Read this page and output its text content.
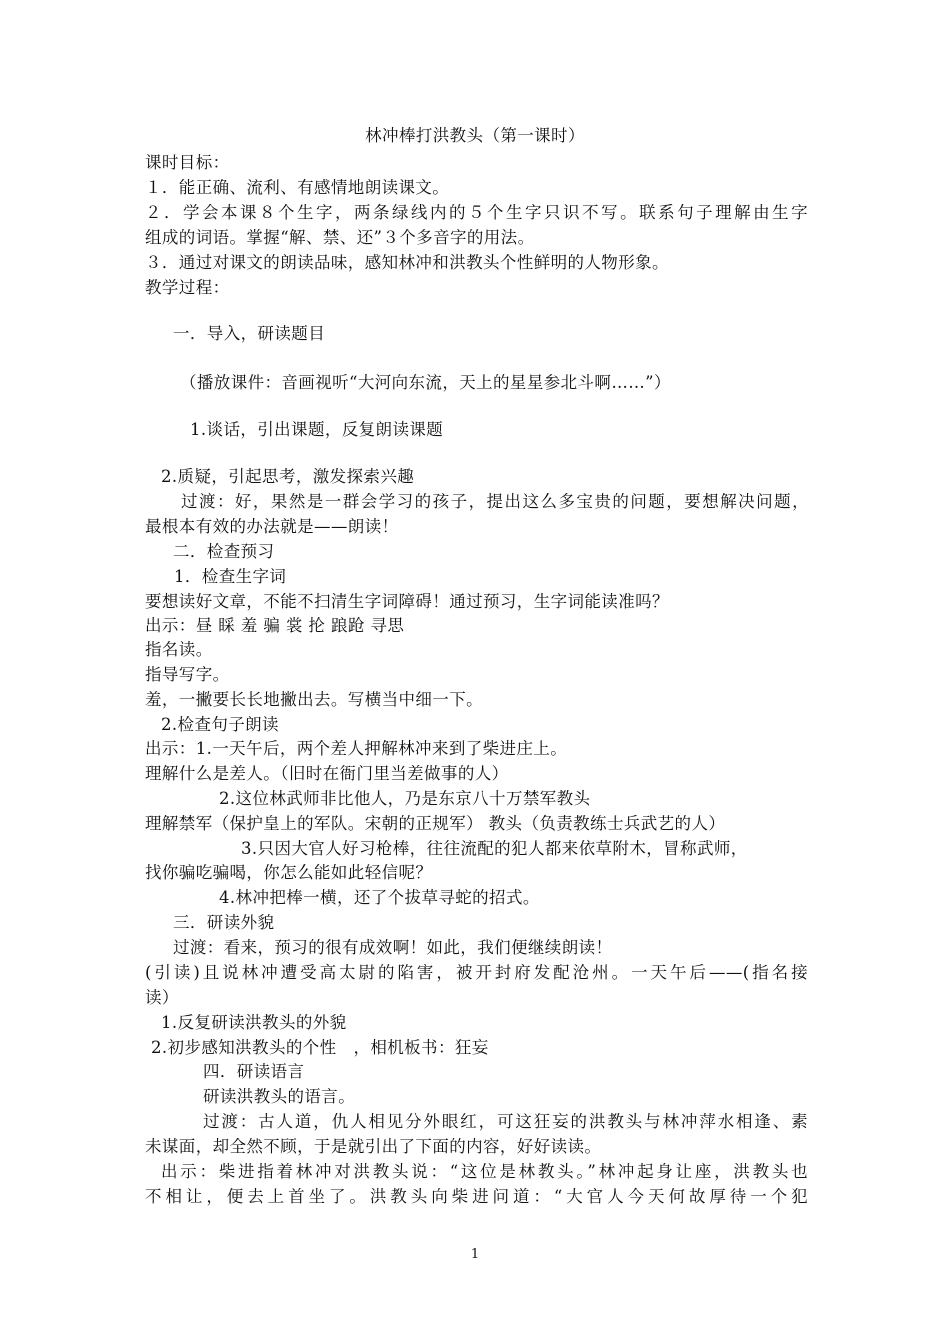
林冲棒打洪教头（第一课时）
课时目标：
１．能正确、流利、有感情地朗读课文。
２．学会本课８个生字，两条绿线内的５个生字只识不写。联系句子理解由生字
组成的词语。掌握“解、禁、还”３个多音字的用法。
３．通过对课文的朗读品味，感知林冲和洪教头个性鲜明的人物形象。
教学过程：
一．导入，研读题目
（播放课件：音画视听“大河向东流，天上的星星参北斗啊……”）
1.谈话，引出课题，反复朗读课题
2.质疑，引起思考，激发探索兴趣
过渡：好，果然是一群会学习的孩子，提出这么多宝贵的问题，要想解决问题，
最根本有效的办法就是——朗读！
二．检查预习
1．检查生字词
要想读好文章，不能不扫清生字词障碍！通过预习，生字词能读准吗？
出示：昼 睬 羞 骗 裳 抡 踉跄 寻思
指名读。
指导写字。
羞，一撇要长长地撇出去。写横当中细一下。
2.检查句子朗读
出示：1.一天午后，两个差人押解林冲来到了柴进庄上。
理解什么是差人。（旧时在衙门里当差做事的人）
2.这位林武师非比他人，乃是东京八十万禁军教头
理解禁军（保护皇上的军队。宋朝的正规军） 教头（负责教练士兵武艺的人）
3.只因大官人好习枪棒，往往流配的犯人都来依草附木，冒称武师，
找你骗吃骗喝，你怎么能如此轻信呢？
4.林冲把棒一横，还了个拔草寻蛇的招式。
三．研读外貌
过渡：看来，预习的很有成效啊！如此，我们便继续朗读！
(引读)且说林冲遭受高太尉的陷害，被开封府发配沧州。一天午后——(指名接
读）
1.反复研读洪教头的外貌
2.初步感知洪教头的个性　，相机板书：狂妄
四．研读语言
研读洪教头的语言。
过渡：古人道，仇人相见分外眼红，可这狂妄的洪教头与林冲萍水相逢、素
未谋面，却全然不顾，于是就引出了下面的内容，好好读读。
出示：柴进指着林冲对洪教头说：“这位是林教头。”林冲起身让座，洪教头也
不相让，便去上首坐了。洪教头向柴进问道：“大官人今天何故厚待一个犯
1
